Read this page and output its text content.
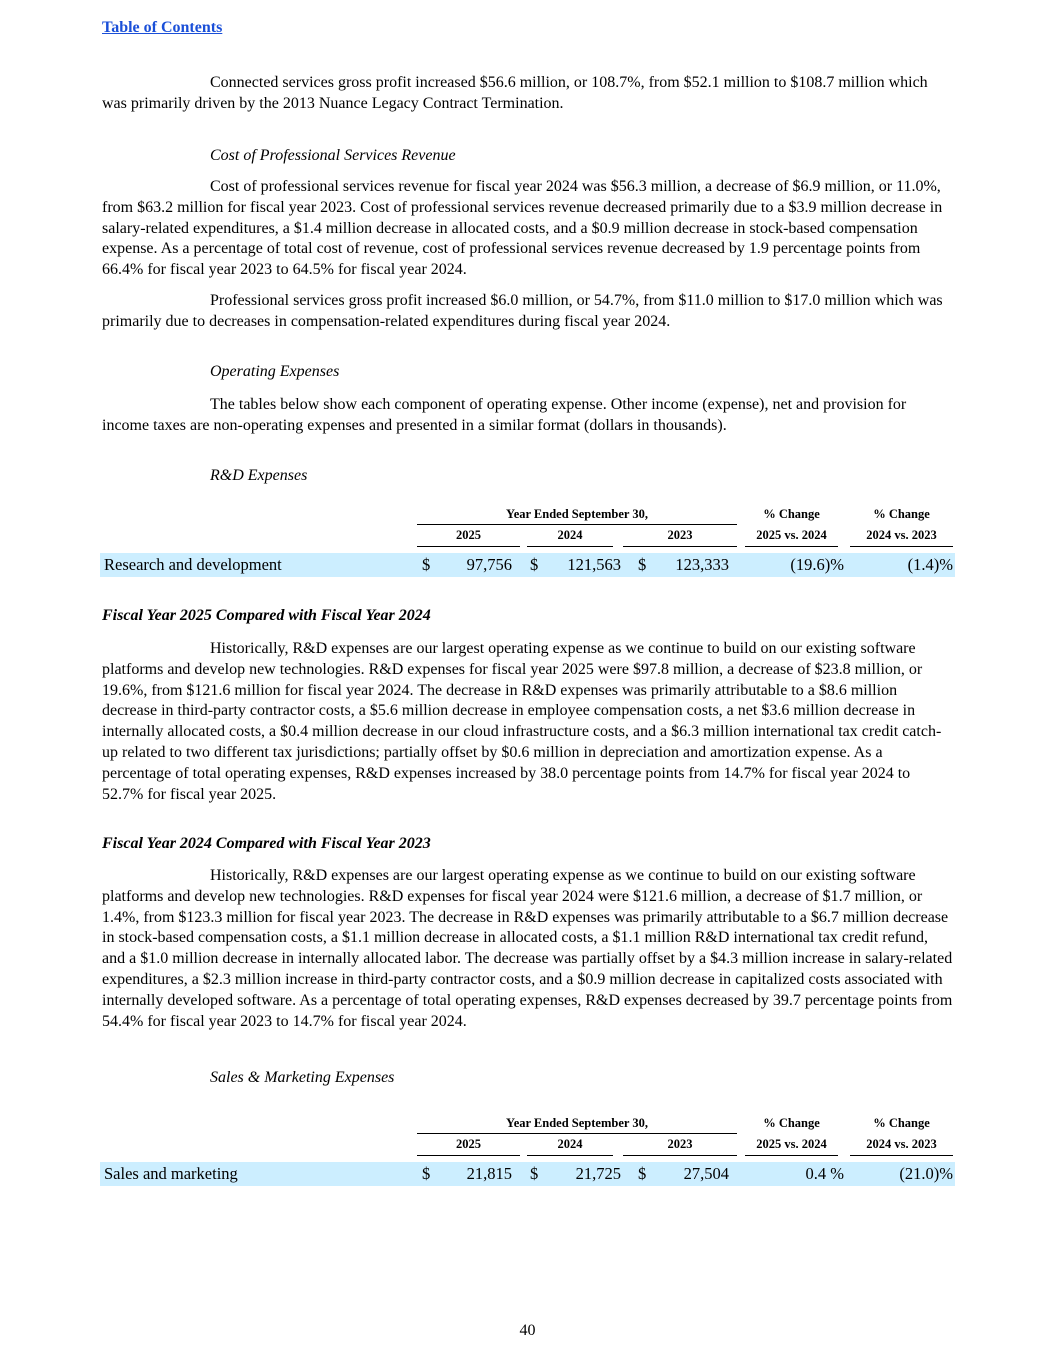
Table of Contents

Connected services gross profit increased $56.6 million, or 108.7%, from $52.1 million to $108.7 million which was primarily driven by the 2013 Nuance Legacy Contract Termination.

Cost of Professional Services Revenue

Cost of professional services revenue for fiscal year 2024 was $56.3 million, a decrease of $6.9 million, or 11.0%, from $63.2 million for fiscal year 2023. Cost of professional services revenue decreased primarily due to a $3.9 million decrease in salary-related expenditures, a $1.4 million decrease in allocated costs, and a $0.9 million decrease in stock-based compensation expense. As a percentage of total cost of revenue, cost of professional services revenue decreased by 1.9 percentage points from 66.4% for fiscal year 2023 to 64.5% for fiscal year 2024.

Professional services gross profit increased $6.0 million, or 54.7%, from $11.0 million to $17.0 million which was primarily due to decreases in compensation-related expenditures during fiscal year 2024.

Operating Expenses

The tables below show each component of operating expense. Other income (expense), net and provision for income taxes are non-operating expenses and presented in a similar format (dollars in thousands).

R&D Expenses
Year Ended September 30,	% Change	% Change
2025	2024	2023	2025 vs. 2024	2024 vs. 2023
Research and development	$	97,756 $	121,563 $	123,333	(19.6)%	(1.4)%
Fiscal Year 2025 Compared with Fiscal Year 2024

Historically, R&D expenses are our largest operating expense as we continue to build on our existing software platforms and develop new technologies. R&D expenses for fiscal year 2025 were $97.8 million, a decrease of $23.8 million, or 19.6%, from $121.6 million for fiscal year 2024. The decrease in R&D expenses was primarily attributable to a $8.6 million decrease in third-party contractor costs, a $5.6 million decrease in employee compensation costs, a net $3.6 million decrease in internally allocated costs, a $0.4 million decrease in our cloud infrastructure costs, and a $6.3 million international tax credit catch-up related to two different tax jurisdictions; partially offset by $0.6 million in depreciation and amortization expense. As a percentage of total operating expenses, R&D expenses increased by 38.0 percentage points from 14.7% for fiscal year 2024 to 52.7% for fiscal year 2025.

Fiscal Year 2024 Compared with Fiscal Year 2023

Historically, R&D expenses are our largest operating expense as we continue to build on our existing software platforms and develop new technologies. R&D expenses for fiscal year 2024 were $121.6 million, a decrease of $1.7 million, or 1.4%, from $123.3 million for fiscal year 2023. The decrease in R&D expenses was primarily attributable to a $6.7 million decrease in stock-based compensation costs, a $1.1 million decrease in allocated costs, a $1.1 million R&D international tax credit refund, and a $1.0 million decrease in internally allocated labor. The decrease was partially offset by a $4.3 million increase in salary-related expenditures, a $2.3 million increase in third-party contractor costs, and a $0.9 million decrease in capitalized costs associated with internally developed software. As a percentage of total operating expenses, R&D expenses decreased by 39.7 percentage points from 54.4% for fiscal year 2023 to 14.7% for fiscal year 2024.

Sales & Marketing Expenses
Year Ended September 30,	% Change	% Change
2025	2024	2023	2025 vs. 2024	2024 vs. 2023
Sales and marketing	$	21,815 $	21,725 $	27,504	0.4 %	(21.0)%
40
